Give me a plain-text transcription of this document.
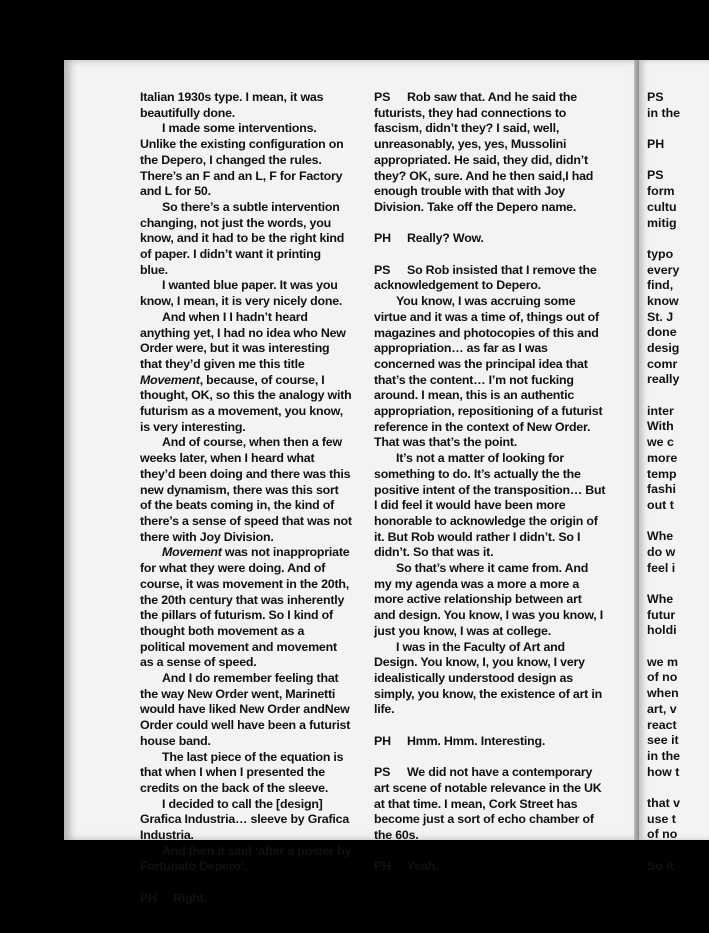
Italian 1930s type. I mean, it was beautifully done.

I made some interventions. Unlike the existing configuration on the Depero, I changed the rules. There’s an F and an L, F for Factory and L for 50.

So there’s a subtle intervention changing, not just the words, you know, and it had to be the right kind of paper. I didn’t want it printing blue.

I wanted blue paper. It was you know, I mean, it is very nicely done.

And when I I hadn’t heard anything yet, I had no idea who New Order were, but it was interesting that they’d given me this title Movement, because, of course, I thought, OK, so this the analogy with futurism as a movement, you know, is very interesting.

And of course, when then a few weeks later, when I heard what they’d been doing and there was this new dynamism, there was this sort of the beats coming in, the kind of there’s a sense of speed that was not there with Joy Division.

Movement was not inappropriate for what they were doing. And of course, it was movement in the 20th, the 20th century that was inherently the pillars of futurism. So I kind of thought both movement as a political movement and movement as a sense of speed.

And I do remember feeling that the way New Order went, Marinetti would have liked New Order andNew Order could well have been a futurist house band.

The last piece of the equation is that when I when I presented the credits on the back of the sleeve.

I decided to call the [design] Grafica Industria… sleeve by Grafica Industria.

And then it said ‘after a poster by Fortunato Depero’.

PH Right.

PS Rob saw that. And he said the futurists, they had connections to fascism, didn’t they? I said, well, unreasonably, yes, yes, Mussolini appropriated. He said, they did, didn’t they? OK, sure. And he then said,I had enough trouble with that with Joy Division. Take off the Depero name.

PH Really? Wow.

PS So Rob insisted that I remove the acknowledgement to Depero.

You know, I was accruing some virtue and it was a time of, things out of magazines and photocopies of this and appropriation… as far as I was concerned was the principal idea that that’s the content… I’m not fucking around. I mean, this is an authentic appropriation, repositioning of a futurist reference in the context of New Order. That was that’s the point.

It’s not a matter of looking for something to do. It’s actually the the positive intent of the transposition… But I did feel it would have been more honorable to acknowledge the origin of it. But Rob would rather I didn’t. So I didn’t. So that was it.

So that’s where it came from. And my my agenda was a more a more a more active relationship between art and design. You know, I was you know, I just you know, I was at college.

I was in the Faculty of Art and Design. You know, I, you know, I very idealistically understood design as simply, you know, the existence of art in life.

PH Hmm. Hmm. Interesting.

PS We did not have a contemporary art scene of notable relevance in the UK at that time. I mean, Cork Street has become just a sort of echo chamber of the 60s.

PH Yeah.

PS
in the
PH
PS
form
cultu
mitig
typo
every
find,
know
St. J
done
desig
comr
really
inter
With
we c
more
temp
fashi
out t
Whe
do w
feel i
Whe
futur
holdi
we m
of no
when
art, v
react
see it
in the
how t
that v
use t
of no
So it
